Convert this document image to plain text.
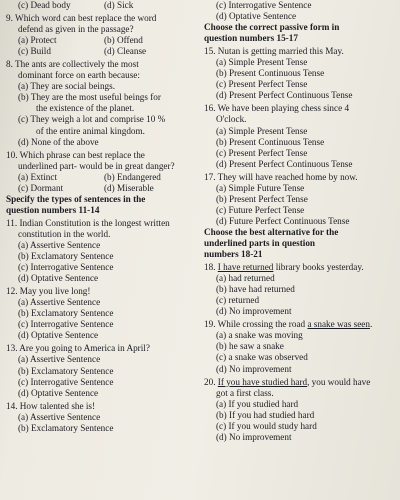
(c) Dead body	(d) Sick
9. Which word can best replace the word
defend as given in the passage?
(a) Protect	(b) Offend
(c) Build	(d) Cleanse
8. The ants are collectively the most
dominant force on earth because:
(a) They are social beings.
(b) They are the most useful beings for
the existence of the planet.
(c) They weigh a lot and comprise 10 %
of the entire animal kingdom.
(d) None of the above
10. Which phrase can best replace the
underlined part- would be in great danger?
(a) Extinct	(b) Endangered
(c) Dormant	(d) Miserable
Specify the types of sentences in the
question numbers 11-14
11. Indian Constitution is the longest written
constitution in the world.
(a) Assertive Sentence
(b) Exclamatory Sentence
(c) Interrogative Sentence
(d) Optative Sentence
12. May you live long!
(a) Assertive Sentence
(b) Exclamatory Sentence
(c) Interrogative Sentence
(d) Optative Sentence
13. Are you going to America in April?
(a) Assertive Sentence
(b) Exclamatory Sentence
(c) Interrogative Sentence
(d) Optative Sentence
14. How talented she is!
(a) Assertive Sentence
(b) Exclamatory Sentence
(c) Interrogative Sentence
(d) Optative Sentence
Choose the correct passive form in
question numbers 15-17
15. Nutan is getting married this May.
(a) Simple Present Tense
(b) Present Continuous Tense
(c) Present Perfect Tense
(d) Present Perfect Continuous Tense
16. We have been playing chess since 4
O'clock.
(a) Simple Present Tense
(b) Present Continuous Tense
(c) Present Perfect Tense
(d) Present Perfect Continuous Tense
17. They will have reached home by now.
(a) Simple Future Tense
(b) Present Perfect Tense
(c) Future Perfect Tense
(d) Future Perfect Continuous Tense
Choose the best alternative for the
underlined parts in question
numbers 18-21
18. I have returned library books yesterday.
(a) had returned
(b) have had returned
(c) returned
(d) No improvement
19. While crossing the road a snake was seen.
(a) a snake was moving
(b) he saw a snake
(c) a snake was observed
(d) No improvement
20. If you have studied hard, you would have
got a first class.
(a) If you studied hard
(b) If you had studied hard
(c) If you would study hard
(d) No improvement
